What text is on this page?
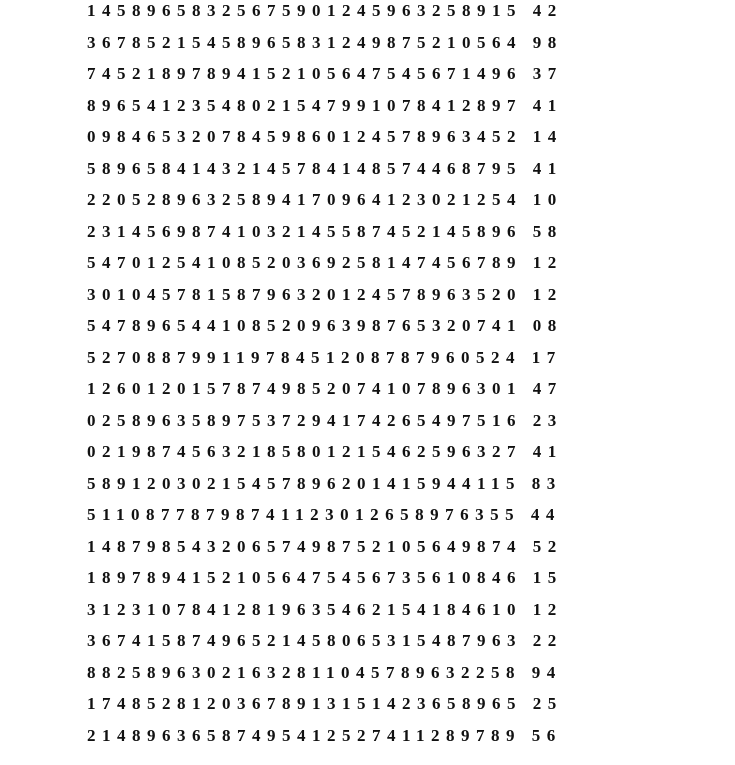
14589658325675901245963258915 42
36785215458965831249875210564 98
74521897894152105647545671496 37
89654123548021547991078412897 41
09846532078459860124578963452 14
58965841432145784148574468795 41
22052896325894170964123021254 10
23145698741032145587452145896 58
54701254108520369258147456789 12
30104578158796320124578963520 12
54789654410852096398765320741 08
52708879911978451208787960524 17
12601201578749852074107896301 47
02589635897537294174265497516 23
02198745632185801215462596327 41
58912030215457896201415944115 83
51108778798741123012658976355 44
14879854320657498752105649874 52
18978941521056475456735610846 15
31231078412819635462154184610 12
36741587496521458065315487963 22
88258963021632811045789632258 94
17485281203678913151423658965 25
21489636587495412527411289789 56
